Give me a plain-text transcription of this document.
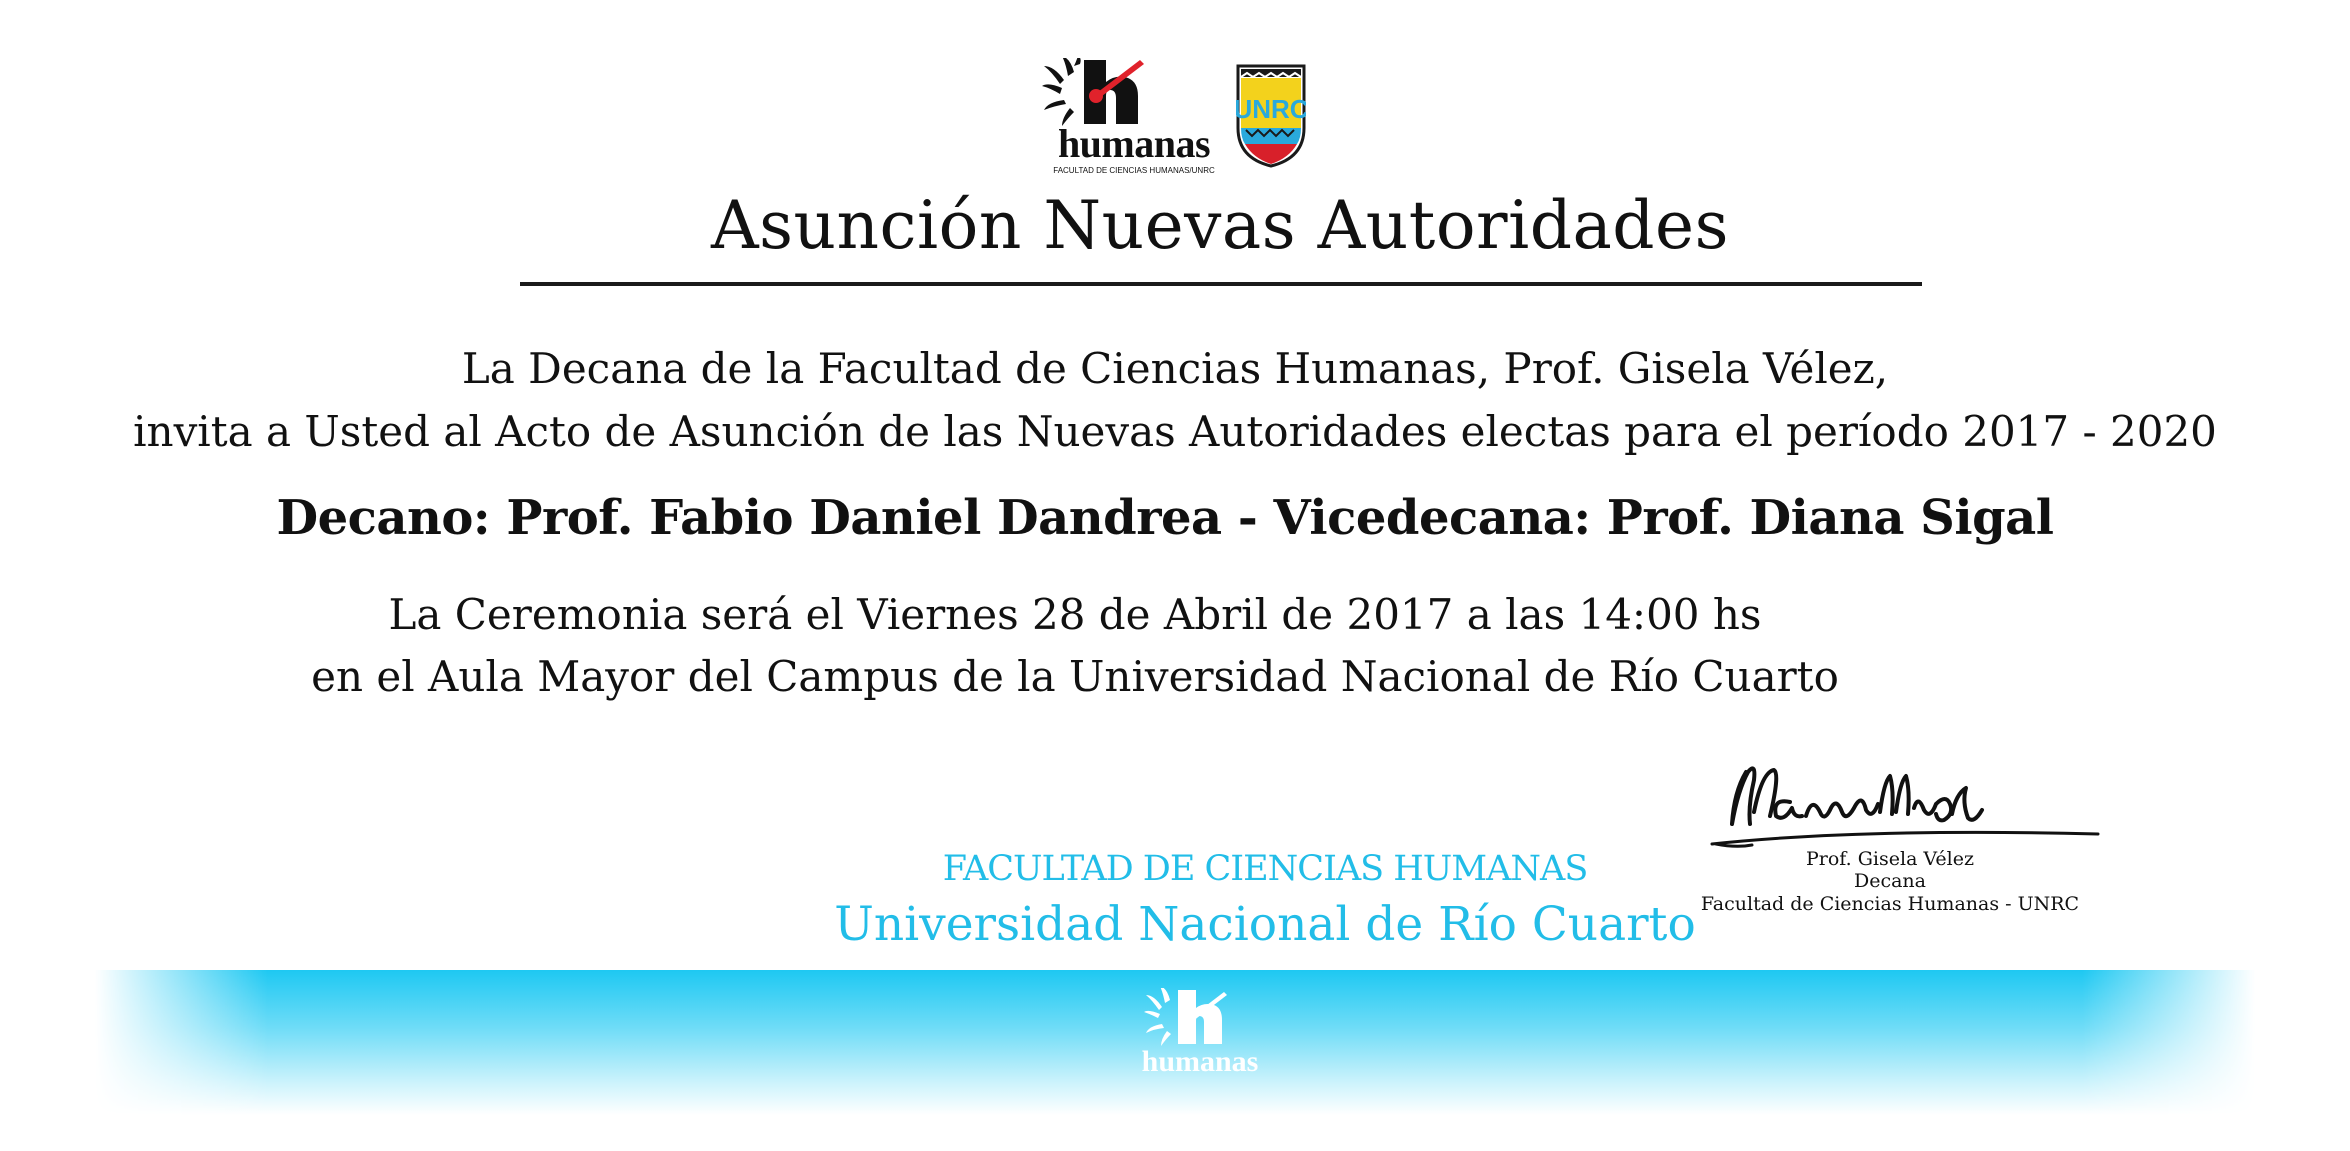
humanas
FACULTAD DE CIENCIAS HUMANAS/UNRC
UNRC
Asunción Nuevas Autoridades
La Decana de la Facultad de Ciencias Humanas, Prof. Gisela Vélez,
invita a Usted al Acto de Asunción de las Nuevas Autoridades electas para el período 2017 - 2020
Decano: Prof. Fabio Daniel Dandrea - Vicedecana: Prof. Diana Sigal
La Ceremonia será el Viernes 28 de Abril de 2017 a las 14:00 hs
en el Aula Mayor del Campus de la Universidad Nacional de Río Cuarto
Prof. Gisela Vélez
Decana
Facultad de Ciencias Humanas - UNRC
FACULTAD DE CIENCIAS HUMANAS
Universidad Nacional de Río Cuarto
humanas
